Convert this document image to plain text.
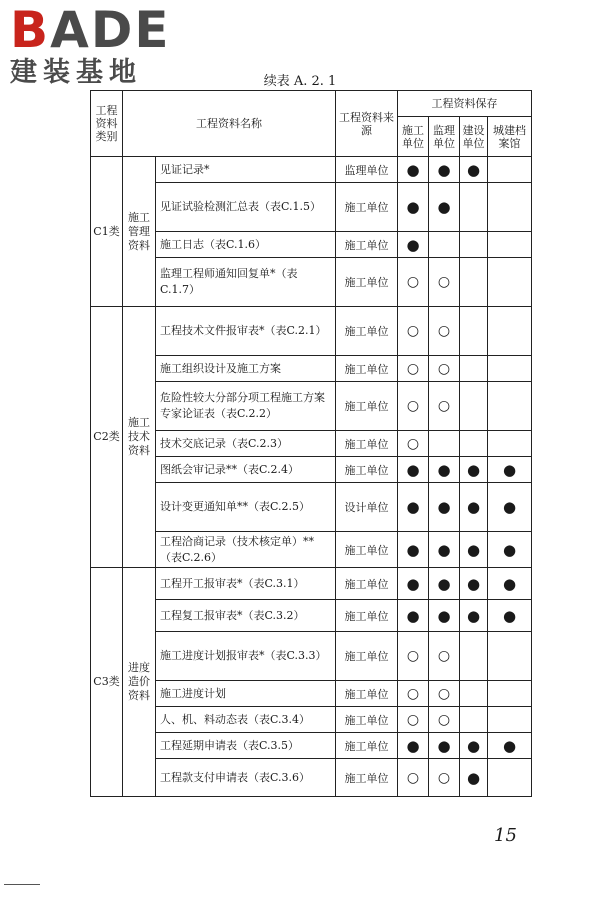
BADE
建装基地	续表 A. 2. 1
工程资料类别	工程资料名称		工程资料来源	工程资料保存			
				施工单位	监理单位	建设单位	城建档案馆
C1类	施工管理资料	见证记录*	监理单位	●	●	●	
		见证试验检测汇总表（表C.1.5）	施工单位	●	●		
		施工日志（表C.1.6）	施工单位	●			
		监理工程师通知回复单*（表C.1.7）	施工单位	○	○		
C2类	施工技术资料	工程技术文件报审表*（表C.2.1）	施工单位	○	○		
		施工组织设计及施工方案	施工单位	○	○		
		危险性较大分部分项工程施工方案专家论证表（表C.2.2）	施工单位	○	○		
		技术交底记录（表C.2.3）	施工单位	○			
		图纸会审记录**（表C.2.4）	施工单位	●	●	●	●
		设计变更通知单**（表C.2.5）	设计单位	●	●	●	●
		工程洽商记录（技术核定单）**（表C.2.6）	施工单位	●	●	●	●
C3类	进度造价资料	工程开工报审表*（表C.3.1）	施工单位	●	●	●	●
		工程复工报审表*（表C.3.2）	施工单位	●	●	●	●
		施工进度计划报审表*（表C.3.3）	施工单位	○	○		
		施工进度计划	施工单位	○	○		
		人、机、料动态表（表C.3.4）	施工单位	○	○		
		工程延期申请表（表C.3.5）	施工单位	●	●	●	●
		工程款支付申请表（表C.3.6）	施工单位	○	○	●	
15
